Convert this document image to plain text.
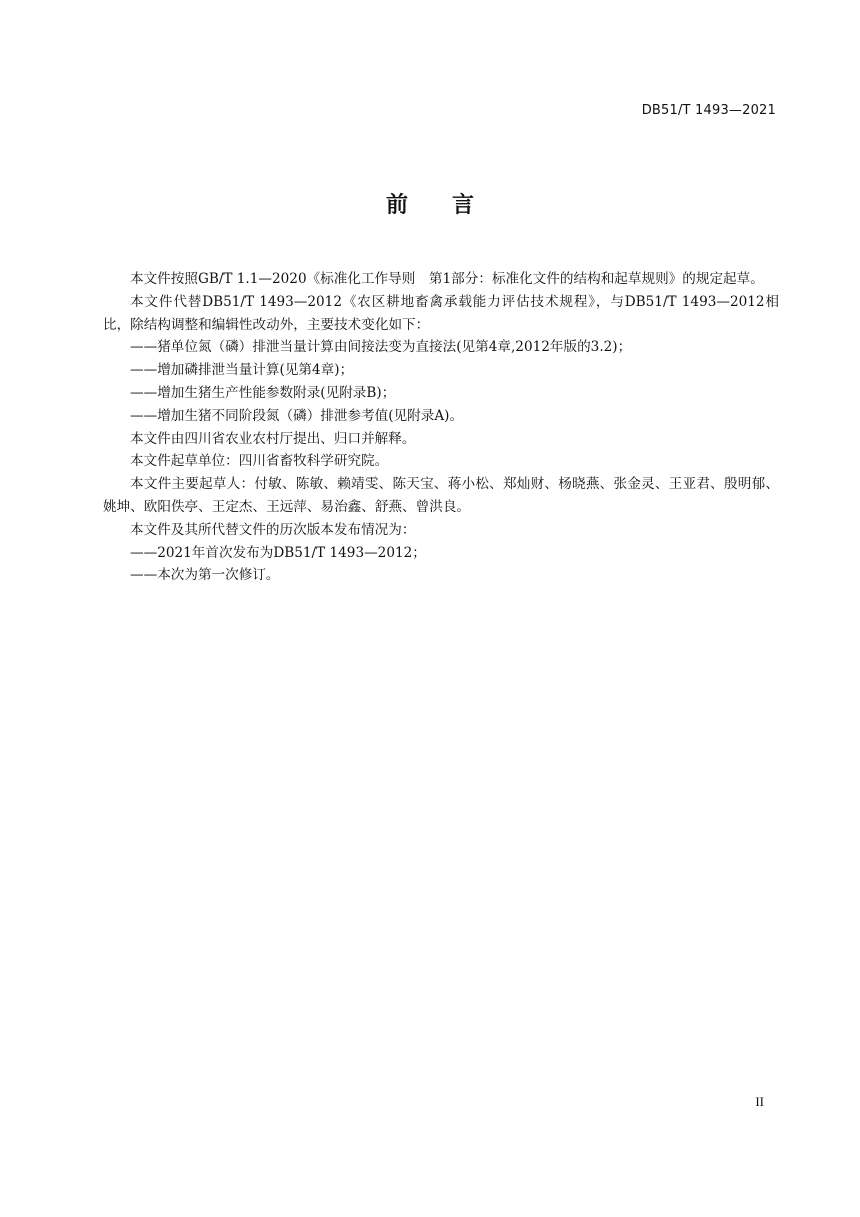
DB51/T 1493—2021
前　　言

本文件按照GB/T 1.1—2020《标准化工作导则　第1部分：标准化文件的结构和起草规则》的规定起草。

本文件代替DB51/T 1493—2012《农区耕地畜禽承载能力评估技术规程》，与DB51/T 1493—2012相比，除结构调整和编辑性改动外，主要技术变化如下：

——猪单位氮（磷）排泄当量计算由间接法变为直接法(见第4章,2012年版的3.2)；

——增加磷排泄当量计算(见第4章)；

——增加生猪生产性能参数附录(见附录B)；

——增加生猪不同阶段氮（磷）排泄参考值(见附录A)。

本文件由四川省农业农村厅提出、归口并解释。

本文件起草单位：四川省畜牧科学研究院。

本文件主要起草人：付敏、陈敏、赖靖雯、陈天宝、蒋小松、郑灿财、杨晓燕、张金灵、王亚君、殷明郁、姚坤、欧阳佚亭、王定杰、王远萍、易治鑫、舒燕、曾洪良。

本文件及其所代替文件的历次版本发布情况为：

——2021年首次发布为DB51/T 1493—2012；

——本次为第一次修订。

II
